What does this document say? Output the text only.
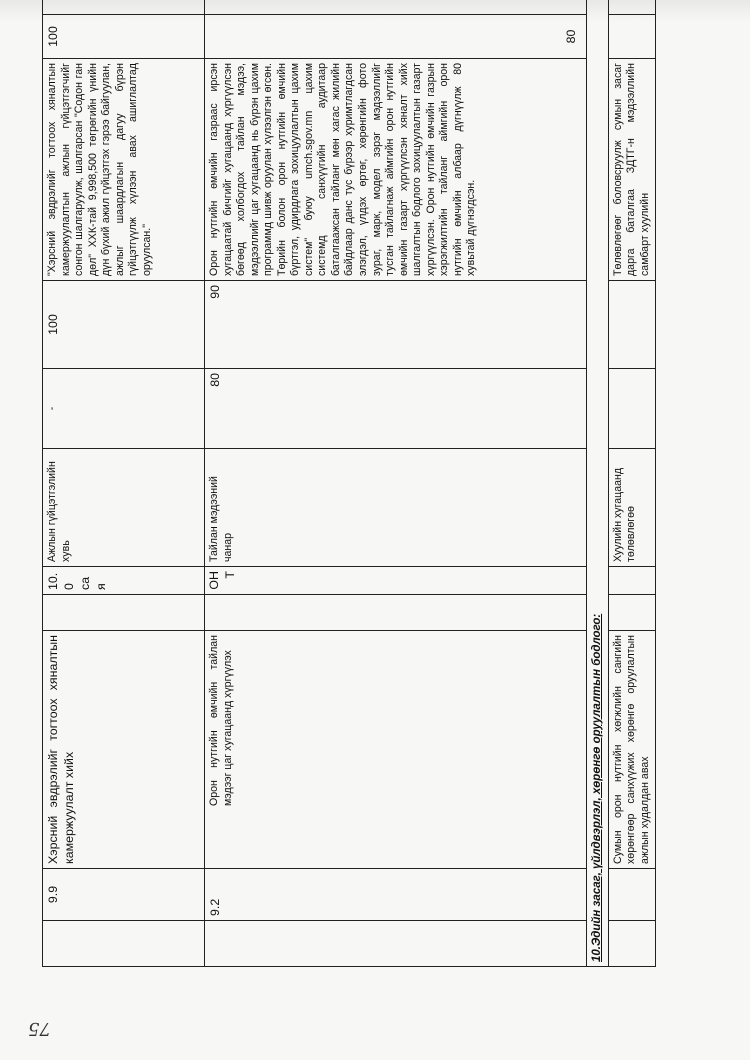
	9.9	Хэрсний эвдрэлийг тогтоох хяналтын камержуулалт хийх		10.0 сая	Ажлын гүйцэтгэлийн хувь	-	100	"Хэрсний эвдрэлийг тогтоох хяналтын камержуулалтын ажлын гүйцэтгэгчийг сонгон шалгаруулж, шалгарсан "Содон ган дөл" ХХК-тай 9,998,500 төгрөгийн үнийн дүн бүхий ажил гүйцэтгэх гэрээ байгуулан, ажлыг шаардлагын дагуу бүрэн гүйцэтгүүлж хүлээн авах ашиглалтад оруулсан."	100	
	9.2	Орон нутгийн өмчийн тайлан мэдээг цаг хугацаанд хүргүүлэх		ОНТ	Тайлан мэдээний чанар	80	90	Орон нутгийн өмчийн газраас ирсэн хугацаатай бичгийг хугацаанд хүргүүлсэн бөгөөд холбогдох тайлан мэдээ, мэдээллийг цаг хугацаанд нь бүрэн цахим программд шивж оруулан хүлээлгэн өгсөн. Төрийн болон орон нутгийн өмчийн бүртгэл, удирдлага зохицуулалтын цахим систем" буюу umch.sgov.mn цахим системд санхүүгийн аудитаар баталгаажсан тайланг мөн хагас жилийн байдлаар данс тус бүрээр хуримтлагдсан элэгдэл, үлдэх өртөг, хөрөнгийн фото зураг, марк, модел зэрэг мэдээллийг тусган тайлагнаж аймгийн орон нутгийн өмчийн газарт хүргүүлсэн хяналт хийх шалгалтын бодлого зохицуулалтын газарт хүргүүлсэн. Орон нутгийн өмчийн газрын хэрэгжилтийн тайланг аймгийн орон нутгийн өмчийн албаар дүгнүүлж 80 хувьтай дүгнэгдсэн.	80	
10.Эдийн засаг, үйлдвэрлэл, хөрөнгө оруулалтын бодлого:										
		Сумын орон нутгийн хөгжлийн сангийн хөрөнгөөр санхүүжих хөрөнгө оруулалтын ажлын худалдан авах			Хуулийн хугацаанд төлөвлөгөө			Төлөвлөгөөг боловсруулж сумын засаг дарга баталгаа ЗДТГ-н мэдээллийн самбарт хуулийн		
75
